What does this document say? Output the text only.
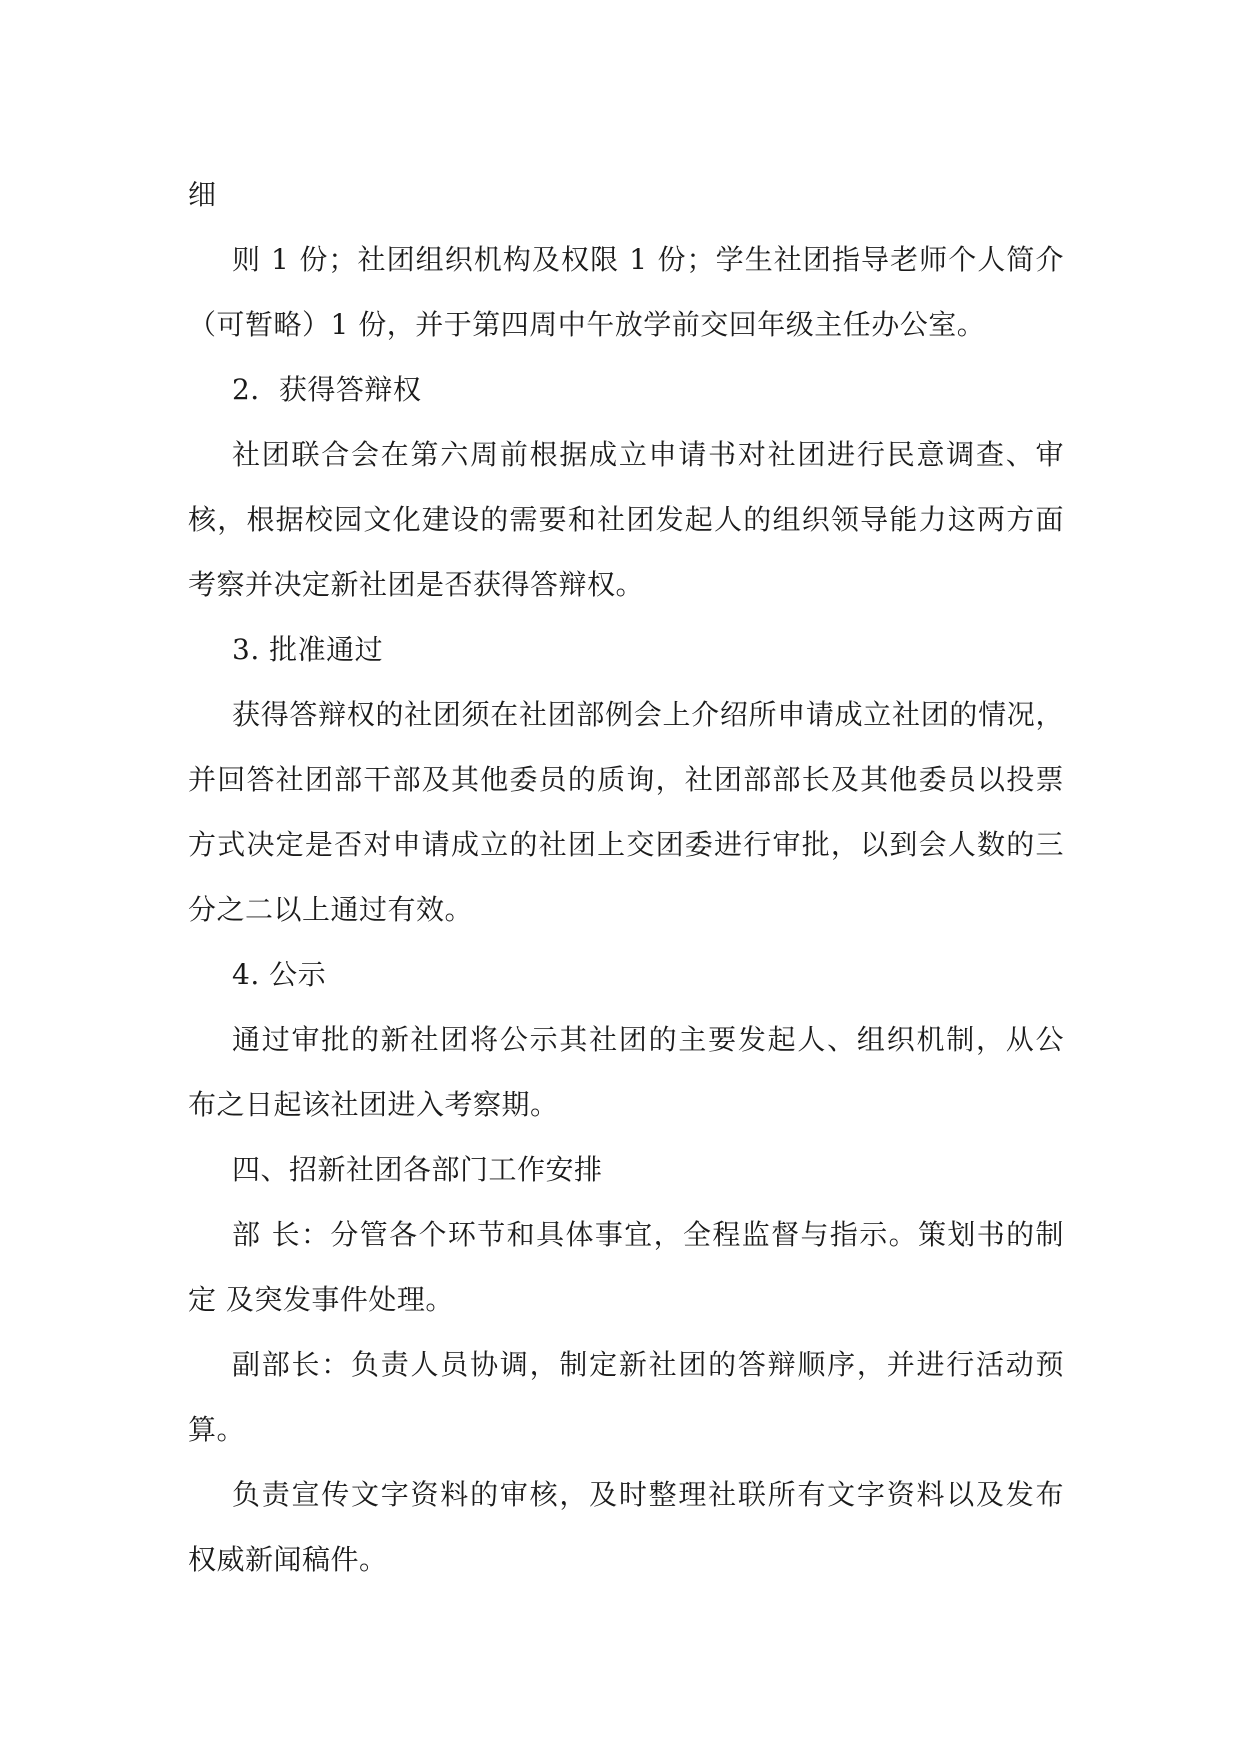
细
则 1 份；社团组织机构及权限 1 份；学生社团指导老师个人简介
（可暂略）1 份，并于第四周中午放学前交回年级主任办公室。
2．获得答辩权
社团联合会在第六周前根据成立申请书对社团进行民意调查、审
核，根据校园文化建设的需要和社团发起人的组织领导能力这两方面
考察并决定新社团是否获得答辩权。
3. 批准通过
获得答辩权的社团须在社团部例会上介绍所申请成立社团的情况，
并回答社团部干部及其他委员的质询，社团部部长及其他委员以投票
方式决定是否对申请成立的社团上交团委进行审批，以到会人数的三
分之二以上通过有效。
4. 公示
通过审批的新社团将公示其社团的主要发起人、组织机制，从公
布之日起该社团进入考察期。
四、招新社团各部门工作安排
部 长：分管各个环节和具体事宜，全程监督与指示。策划书的制
定 及突发事件处理。
副部长：负责人员协调，制定新社团的答辩顺序，并进行活动预
算。
负责宣传文字资料的审核，及时整理社联所有文字资料以及发布
权威新闻稿件。
